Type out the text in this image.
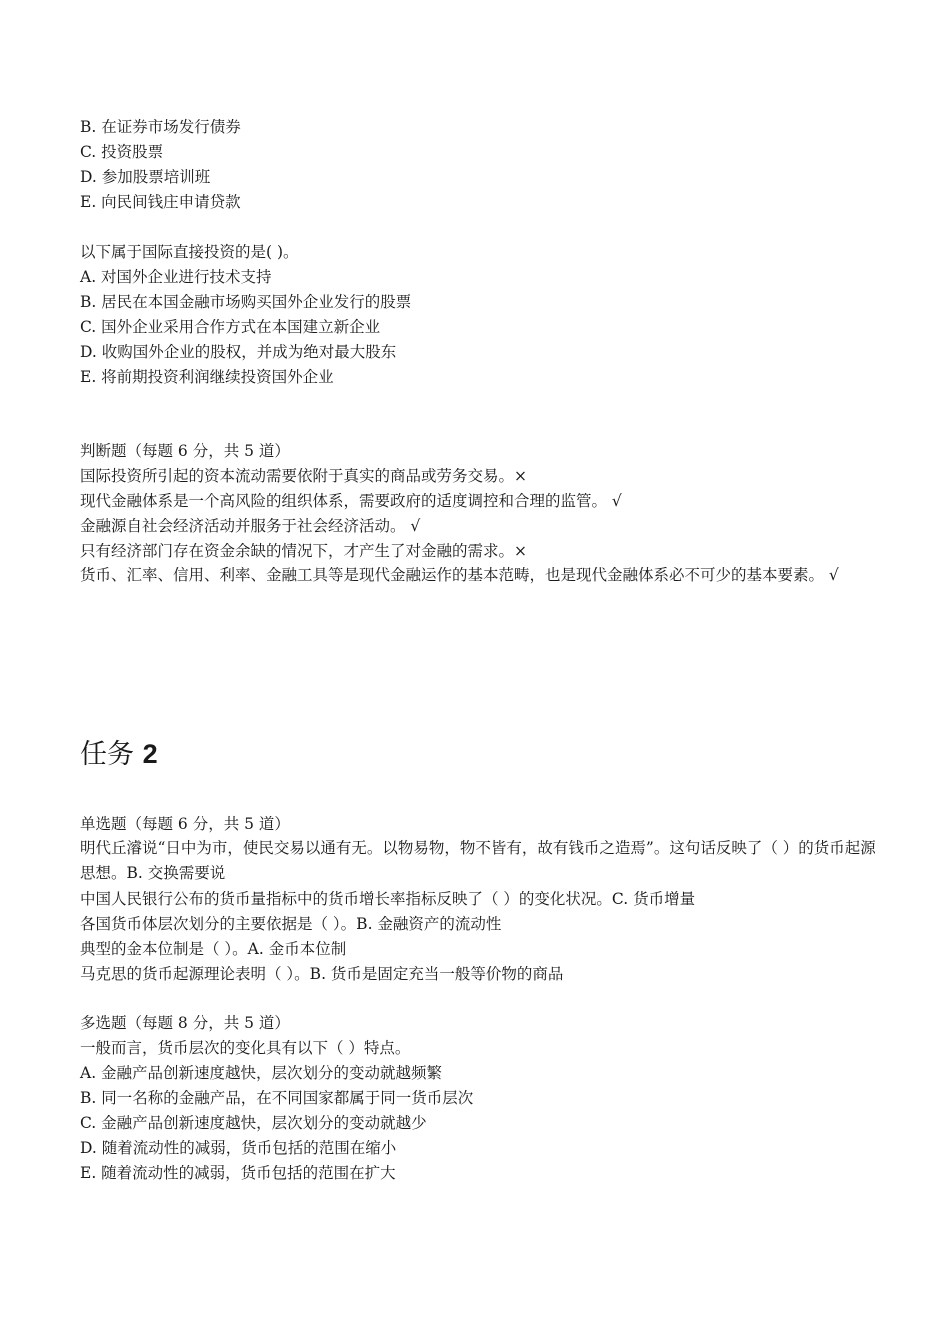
B. 在证券市场发行债券
C. 投资股票
D. 参加股票培训班
E. 向民间钱庄申请贷款
以下属于国际直接投资的是( )。
A. 对国外企业进行技术支持
B. 居民在本国金融市场购买国外企业发行的股票
C. 国外企业采用合作方式在本国建立新企业
D. 收购国外企业的股权，并成为绝对最大股东
E. 将前期投资利润继续投资国外企业
判断题（每题 6 分，共 5 道）
国际投资所引起的资本流动需要依附于真实的商品或劳务交易。×
现代金融体系是一个高风险的组织体系，需要政府的适度调控和合理的监管。 √
金融源自社会经济活动并服务于社会经济活动。 √
只有经济部门存在资金余缺的情况下，才产生了对金融的需求。×
货币、汇率、信用、利率、金融工具等是现代金融运作的基本范畴，也是现代金融体系必不可少的基本要素。 √
任务 2
单选题（每题 6 分，共 5 道）
明代丘濬说“日中为市，使民交易以通有无。以物易物，物不皆有，故有钱币之造焉”。这句话反映了（ ）的货币起源思想。B. 交换需要说
中国人民银行公布的货币量指标中的货币增长率指标反映了（ ）的变化状况。C. 货币增量
各国货币体层次划分的主要依据是（ ）。B. 金融资产的流动性
典型的金本位制是（ ）。A. 金币本位制
马克思的货币起源理论表明（ ）。B. 货币是固定充当一般等价物的商品
多选题（每题 8 分，共 5 道）
一般而言，货币层次的变化具有以下（ ）特点。
A. 金融产品创新速度越快，层次划分的变动就越频繁
B. 同一名称的金融产品，在不同国家都属于同一货币层次
C. 金融产品创新速度越快，层次划分的变动就越少
D. 随着流动性的减弱，货币包括的范围在缩小
E. 随着流动性的减弱，货币包括的范围在扩大
